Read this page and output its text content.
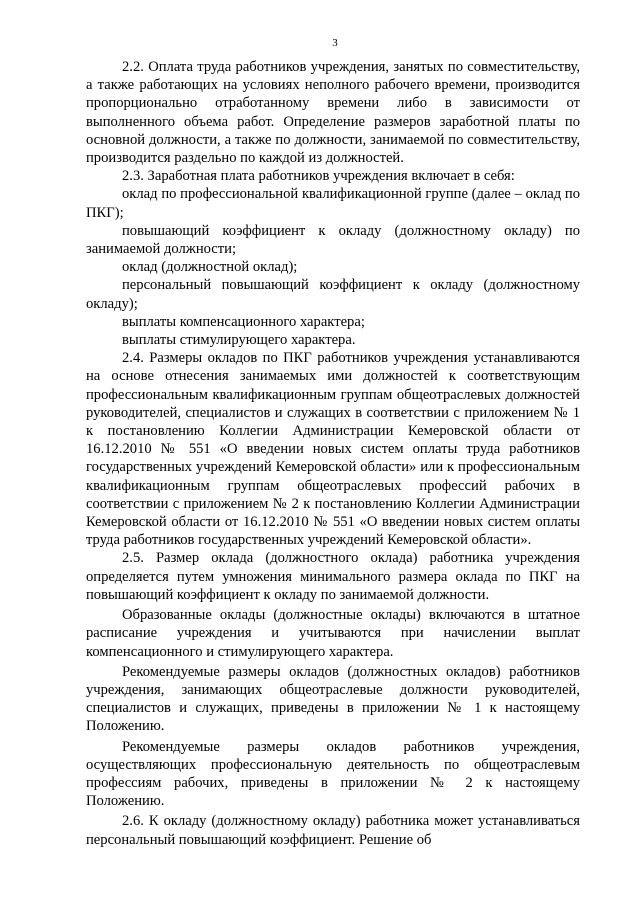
3

2.2. Оплата труда работников учреждения, занятых по совместительству, а также работающих на условиях неполного рабочего времени, производится пропорционально отработанному времени либо в зависимости от выполненного объема работ. Определение размеров заработной платы по основной должности, а также по должности, занимаемой по совместительству, производится раздельно по каждой из должностей.

2.3. Заработная плата работников учреждения включает в себя:

оклад по профессиональной квалификационной группе (далее – оклад по ПКГ);

повышающий коэффициент к окладу (должностному окладу) по занимаемой должности;

оклад (должностной оклад);

персональный повышающий коэффициент к окладу (должностному окладу);

выплаты компенсационного характера;

выплаты стимулирующего характера.

2.4. Размеры окладов по ПКГ работников учреждения устанавливаются на основе отнесения занимаемых ими должностей к соответствующим профессиональным квалификационным группам общеотраслевых должностей руководителей, специалистов и служащих в соответствии с приложением № 1 к постановлению Коллегии Администрации Кемеровской области от 16.12.2010 № 551 «О введении новых систем оплаты труда работников государственных учреждений Кемеровской области» или к профессиональным квалификационным группам общеотраслевых профессий рабочих в соответствии с приложением № 2 к постановлению Коллегии Администрации Кемеровской области от 16.12.2010 № 551 «О введении новых систем оплаты труда работников государственных учреждений Кемеровской области».

2.5. Размер оклада (должностного оклада) работника учреждения определяется путем умножения минимального размера оклада по ПКГ на повышающий коэффициент к окладу по занимаемой должности.

Образованные оклады (должностные оклады) включаются в штатное расписание учреждения и учитываются при начислении выплат компенсационного и стимулирующего характера.

Рекомендуемые размеры окладов (должностных окладов) работников учреждения, занимающих общеотраслевые должности руководителей, специалистов и служащих, приведены в приложении № 1 к настоящему Положению.

Рекомендуемые размеры окладов работников учреждения, осуществляющих профессиональную деятельность по общеотраслевым профессиям рабочих, приведены в приложении № 2 к настоящему Положению.

2.6. К окладу (должностному окладу) работника может устанавливаться персональный повышающий коэффициент. Решение об
